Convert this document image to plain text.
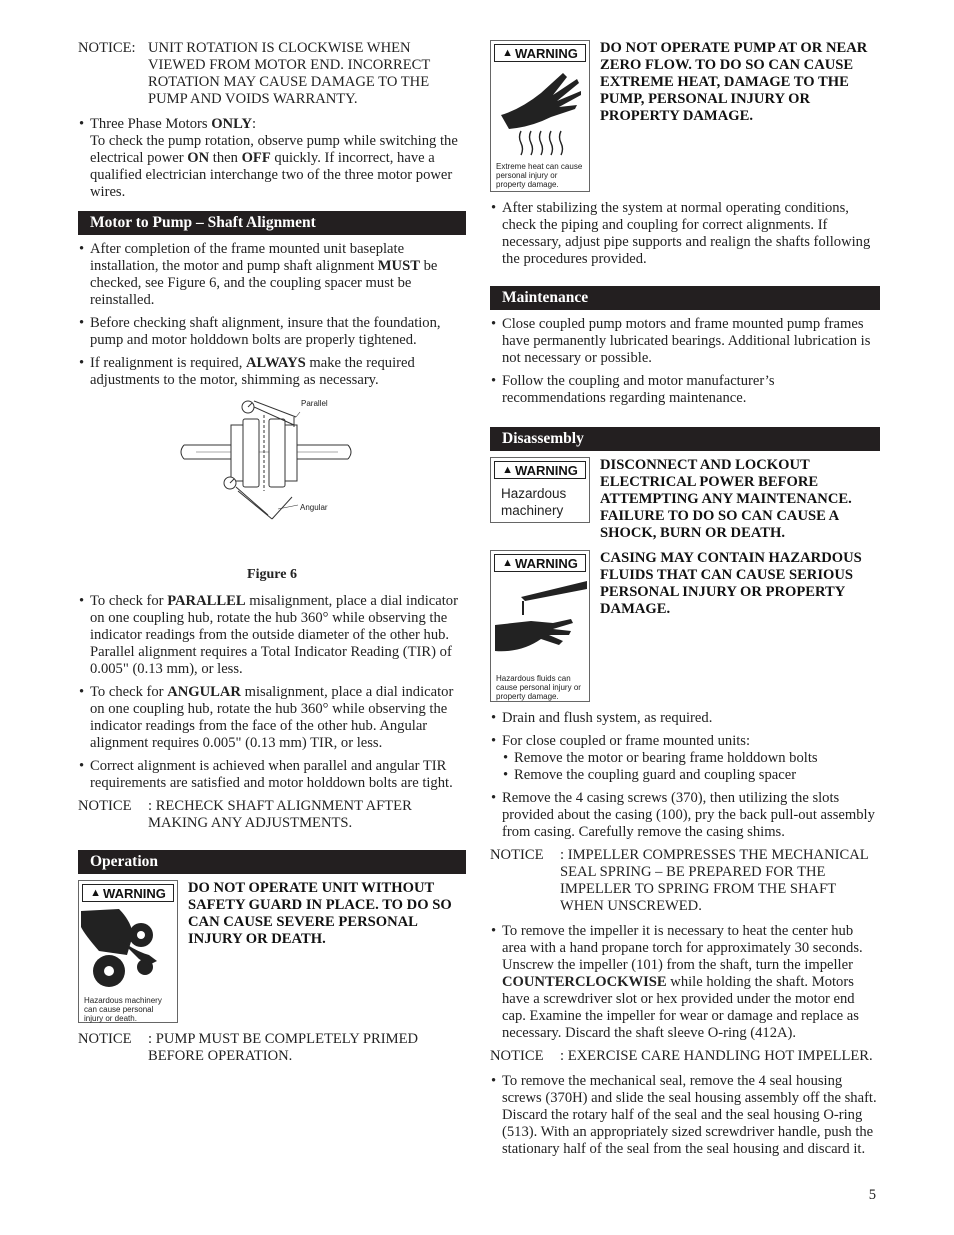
NOTICE: UNIT ROTATION IS CLOCKWISE WHEN VIEWED FROM MOTOR END. INCORRECT ROTATION MAY CAUSE DAMAGE TO THE PUMP AND VOIDS WARRANTY.
• Three Phase Motors ONLY:
To check the pump rotation, observe pump while switching the electrical power ON then OFF quickly. If incorrect, have a qualified electrician interchange two of the three motor power wires.
Motor to Pump – Shaft Alignment
• After completion of the frame mounted unit baseplate installation, the motor and pump shaft alignment MUST be checked, see Figure 6, and the coupling spacer must be reinstalled.
• Before checking shaft alignment, insure that the foundation, pump and motor holddown bolts are properly tightened.
• If realignment is required, ALWAYS make the required adjustments to the motor, shimming as necessary.
Parallel
Angular
Figure 6
• To check for PARALLEL misalignment, place a dial indicator on one coupling hub, rotate the hub 360° while observing the indicator readings from the outside diameter of the other hub. Parallel alignment requires a Total Indicator Reading (TIR) of 0.005" (0.13 mm), or less.
• To check for ANGULAR misalignment, place a dial indicator on one coupling hub, rotate the hub 360° while observing the indicator readings from the face of the other hub. Angular alignment requires 0.005" (0.13 mm) TIR, or less.
• Correct alignment is achieved when parallel and angular TIR requirements are satisfied and motor holddown bolts are tight.
NOTICE	: RECHECK SHAFT ALIGNMENT AFTER MAKING ANY ADJUSTMENTS.
Operation
▲ WARNING
Hazardous machinery can cause personal injury or death.
DO NOT OPERATE UNIT WITHOUT SAFETY GUARD IN PLACE. TO DO SO CAN CAUSE SEVERE PERSONAL INJURY OR DEATH.
NOTICE	: PUMP MUST BE COMPLETELY PRIMED BEFORE OPERATION.
▲ WARNING
Extreme heat can cause personal injury or property damage.
DO NOT OPERATE PUMP AT OR NEAR ZERO FLOW. TO DO SO CAN CAUSE EXTREME HEAT, DAMAGE TO THE PUMP, PERSONAL INJURY OR PROPERTY DAMAGE.
• After stabilizing the system at normal operating conditions, check the piping and coupling for correct alignments. If necessary, adjust pipe supports and realign the shafts following the procedures provided.
Maintenance
• Close coupled pump motors and frame mounted pump frames have permanently lubricated bearings. Additional lubrication is not necessary or possible.
• Follow the coupling and motor manufacturer’s recommendations regarding maintenance.
Disassembly
▲ WARNING
Hazardous machinery
DISCONNECT AND LOCKOUT ELECTRICAL POWER BEFORE ATTEMPTING ANY MAINTENANCE. FAILURE TO DO SO CAN CAUSE A SHOCK, BURN OR DEATH.
▲ WARNING
Hazardous fluids can cause personal injury or property damage.
CASING MAY CONTAIN HAZARDOUS FLUIDS THAT CAN CAUSE SERIOUS PERSONAL INJURY OR PROPERTY DAMAGE.
• Drain and flush system, as required.
• For close coupled or frame mounted units:
• Remove the motor or bearing frame holddown bolts
• Remove the coupling guard and coupling spacer
• Remove the 4 casing screws (370), then utilizing the slots provided about the casing (100), pry the back pull-out assembly from casing. Carefully remove the casing shims.
NOTICE	: IMPELLER COMPRESSES THE MECHANICAL SEAL SPRING – BE PREPARED FOR THE IMPELLER TO SPRING FROM THE SHAFT WHEN UNSCREWED.
• To remove the impeller it is necessary to heat the center hub area with a hand propane torch for approximately 30 seconds. Unscrew the impeller (101) from the shaft, turn the impeller COUNTERCLOCKWISE while holding the shaft. Motors have a screwdriver slot or hex provided under the motor end cap. Examine the impeller for wear or damage and replace as necessary. Discard the shaft sleeve O-ring (412A).
NOTICE	: EXERCISE CARE HANDLING HOT IMPELLER.
• To remove the mechanical seal, remove the 4 seal housing screws (370H) and slide the seal housing assembly off the shaft. Discard the rotary half of the seal and the seal housing O-ring (513). With an appropriately sized screwdriver handle, push the stationary half of the seal from the seal housing and discard it.
5
